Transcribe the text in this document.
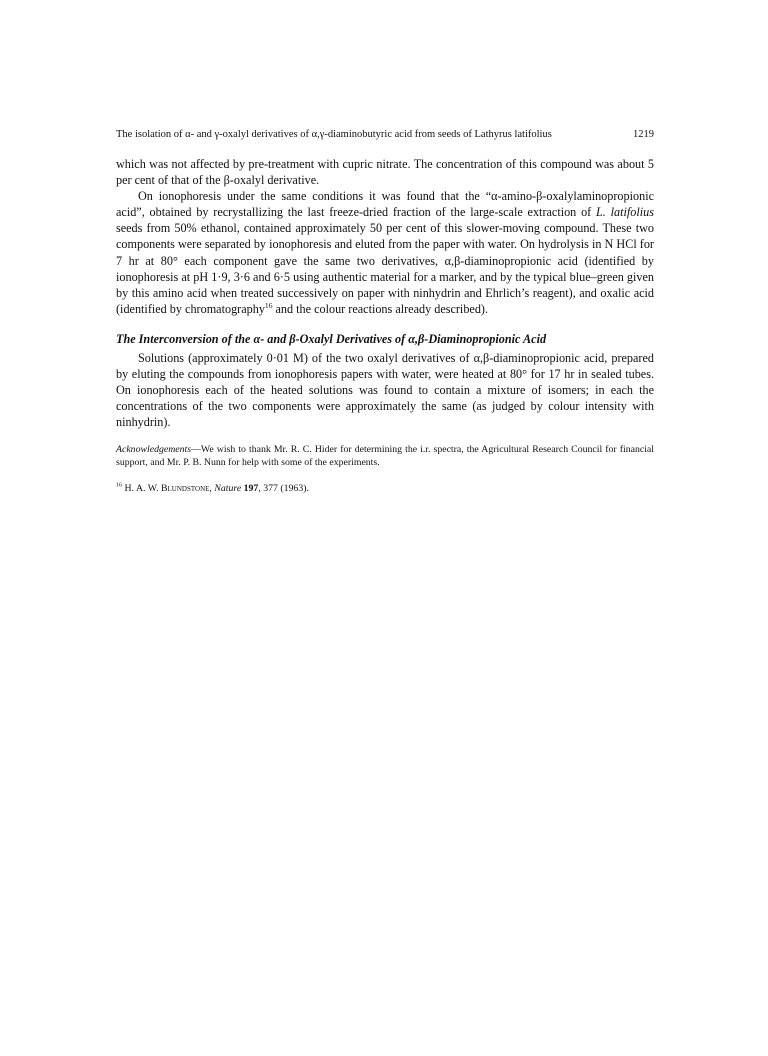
The isolation of α- and γ-oxalyl derivatives of α,γ-diaminobutyric acid from seeds of Lathyrus latifolius	1219

which was not affected by pre-treatment with cupric nitrate. The concentration of this compound was about 5 per cent of that of the β-oxalyl derivative.

On ionophoresis under the same conditions it was found that the “α-amino-β-oxalylaminopropionic acid”, obtained by recrystallizing the last freeze-dried fraction of the large-scale extraction of L. latifolius seeds from 50% ethanol, contained approximately 50 per cent of this slower-moving compound. These two components were separated by ionophoresis and eluted from the paper with water. On hydrolysis in N HCl for 7 hr at 80° each component gave the same two derivatives, α,β-diaminopropionic acid (identified by ionophoresis at pH 1·9, 3·6 and 6·5 using authentic material for a marker, and by the typical blue–green given by this amino acid when treated successively on paper with ninhydrin and Ehrlich’s reagent), and oxalic acid (identified by chromatography$^{16}$ and the colour reactions already described).

The Interconversion of the α- and β-Oxalyl Derivatives of α,β-Diaminopropionic Acid

Solutions (approximately 0·01 M) of the two oxalyl derivatives of α,β-diaminopropionic acid, prepared by eluting the compounds from ionophoresis papers with water, were heated at 80° for 17 hr in sealed tubes. On ionophoresis each of the heated solutions was found to contain a mixture of isomers; in each the concentrations of the two components were approximately the same (as judged by colour intensity with ninhydrin).

Acknowledgements—We wish to thank Mr. R. C. Hider for determining the i.r. spectra, the Agricultural Research Council for financial support, and Mr. P. B. Nunn for help with some of the experiments.

$^{16}$ H. A. W. Blundstone, Nature 197, 377 (1963).
